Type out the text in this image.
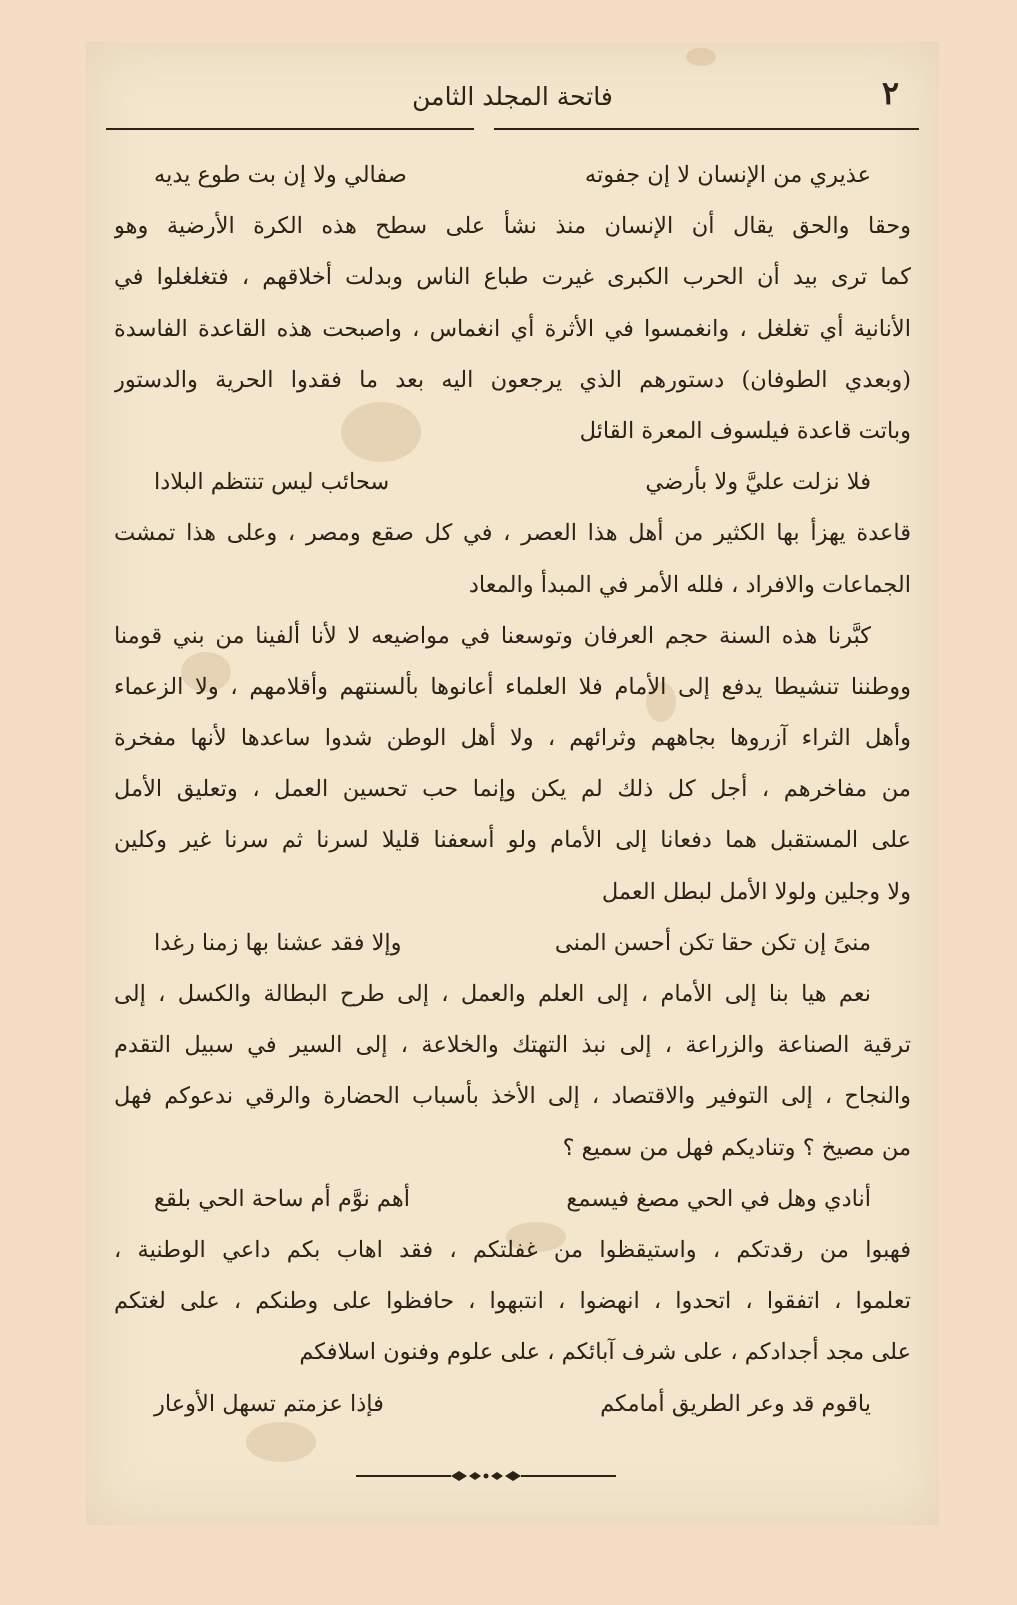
٢
فاتحة المجلد الثامن
عذيري من الإنسان لا إن جفوته
صفالي ولا إن بت طوع يديه
وحقا والحق يقال أن الإنسان منذ نشأ على سطح هذه الكرة الأرضية وهو
كما ترى بيد أن الحرب الكبرى غيرت طباع الناس وبدلت أخلاقهم ، فتغلغلوا في
الأنانية أي تغلغل ، وانغمسوا في الأثرة أي انغماس ، واصبحت هذه القاعدة الفاسدة
(وبعدي الطوفان) دستورهم الذي يرجعون اليه بعد ما فقدوا الحرية والدستور
وباتت قاعدة فيلسوف المعرة القائل
فلا نزلت عليَّ ولا بأرضي
سحائب ليس تنتظم البلادا
قاعدة يهزأ بها الكثير من أهل هذا العصر ، في كل صقع ومصر ، وعلى هذا تمشت
الجماعات والافراد ، فلله الأمر في المبدأ والمعاد
كبَّرنا هذه السنة حجم العرفان وتوسعنا في مواضيعه لا لأنا ألفينا من بني قومنا
ووطننا تنشيطا يدفع إلى الأمام فلا العلماء أعانوها بألسنتهم وأقلامهم ، ولا الزعماء
وأهل الثراء آزروها بجاههم وثرائهم ، ولا أهل الوطن شدوا ساعدها لأنها مفخرة
من مفاخرهم ، أجل كل ذلك لم يكن وإنما حب تحسين العمل ، وتعليق الأمل
على المستقبل هما دفعانا إلى الأمام ولو أسعفنا قليلا لسرنا ثم سرنا غير وكلين
ولا وجلين ولولا الأمل لبطل العمل
منىً إن تكن حقا تكن أحسن المنى
وإلا فقد عشنا بها زمنا رغدا
نعم هيا بنا إلى الأمام ، إلى العلم والعمل ، إلى طرح البطالة والكسل ، إلى
ترقية الصناعة والزراعة ، إلى نبذ التهتك والخلاعة ، إلى السير في سبيل التقدم
والنجاح ، إلى التوفير والاقتصاد ، إلى الأخذ بأسباب الحضارة والرقي ندعوكم فهل
من مصيخ ؟ وتناديكم فهل من سميع ؟
أنادي وهل في الحي مصغ فيسمع
أهم نوَّم أم ساحة الحي بلقع
فهبوا من رقدتكم ، واستيقظوا من غفلتكم ، فقد اهاب بكم داعي الوطنية ،
تعلموا ، اتفقوا ، اتحدوا ، انهضوا ، انتبهوا ، حافظوا على وطنكم ، على لغتكم
على مجد أجدادكم ، على شرف آبائكم ، على علوم وفنون اسلافكم
ياقوم قد وعر الطريق أمامكم
فإذا عزمتم تسهل الأوعار
